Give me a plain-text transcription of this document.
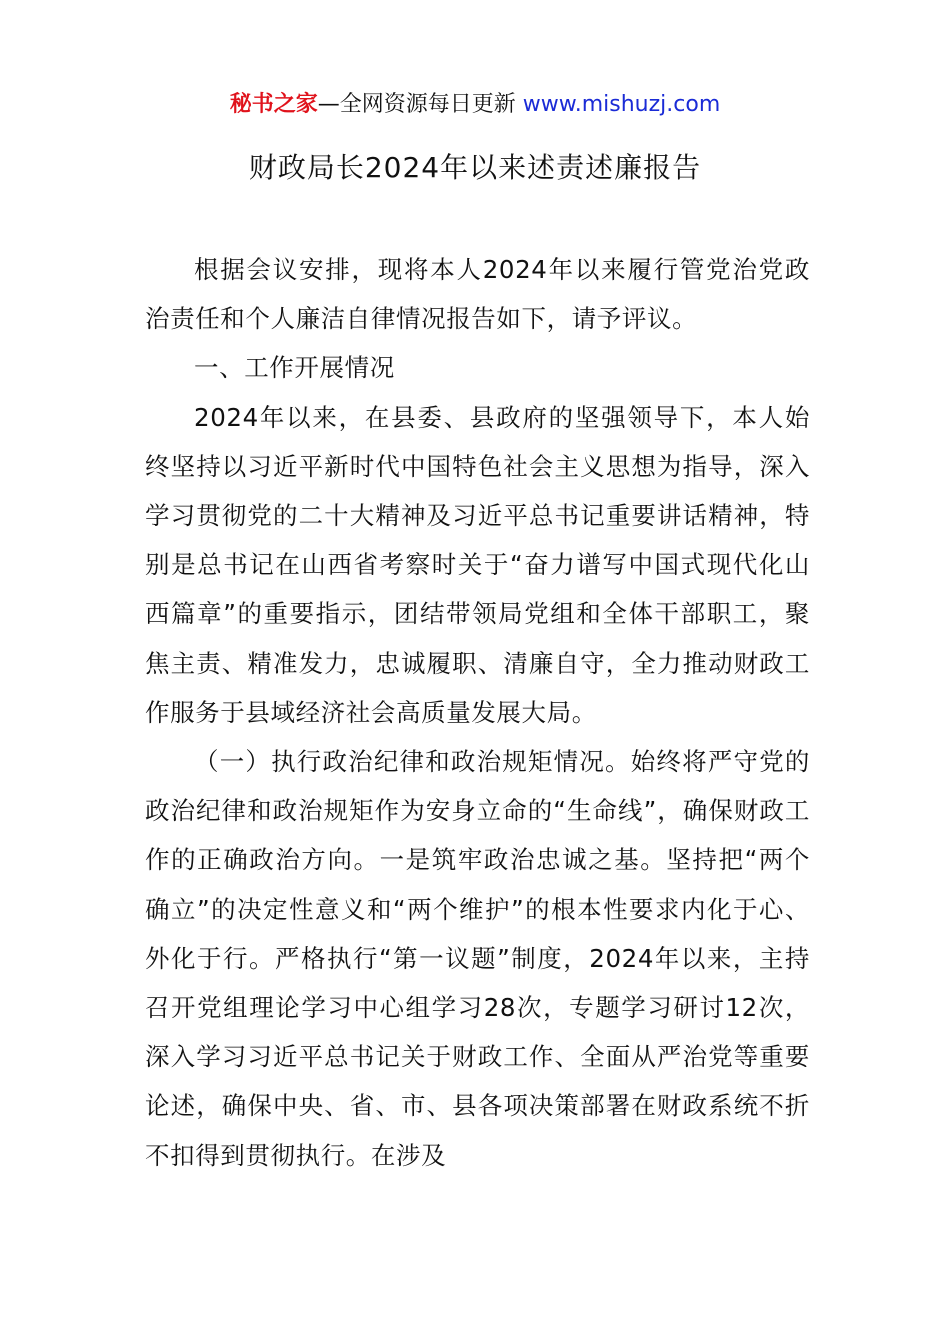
秘书之家—全网资源每日更新 www.mishuzj.com
财政局长2024年以来述责述廉报告

根据会议安排，现将本人2024年以来履行管党治党政治责任和个人廉洁自律情况报告如下，请予评议。

一、工作开展情况

2024年以来，在县委、县政府的坚强领导下，本人始终坚持以习近平新时代中国特色社会主义思想为指导，深入学习贯彻党的二十大精神及习近平总书记重要讲话精神，特别是总书记在山西省考察时关于“奋力谱写中国式现代化山西篇章”的重要指示，团结带领局党组和全体干部职工，聚焦主责、精准发力，忠诚履职、清廉自守，全力推动财政工作服务于县域经济社会高质量发展大局。

（一）执行政治纪律和政治规矩情况。始终将严守党的政治纪律和政治规矩作为安身立命的“生命线”，确保财政工作的正确政治方向。一是筑牢政治忠诚之基。坚持把“两个确立”的决定性意义和“两个维护”的根本性要求内化于心、外化于行。严格执行“第一议题”制度，2024年以来，主持召开党组理论学习中心组学习28次，专题学习研讨12次，深入学习习近平总书记关于财政工作、全面从严治党等重要论述，确保中央、省、市、县各项决策部署在财政系统不折不扣得到贯彻执行。在涉及
